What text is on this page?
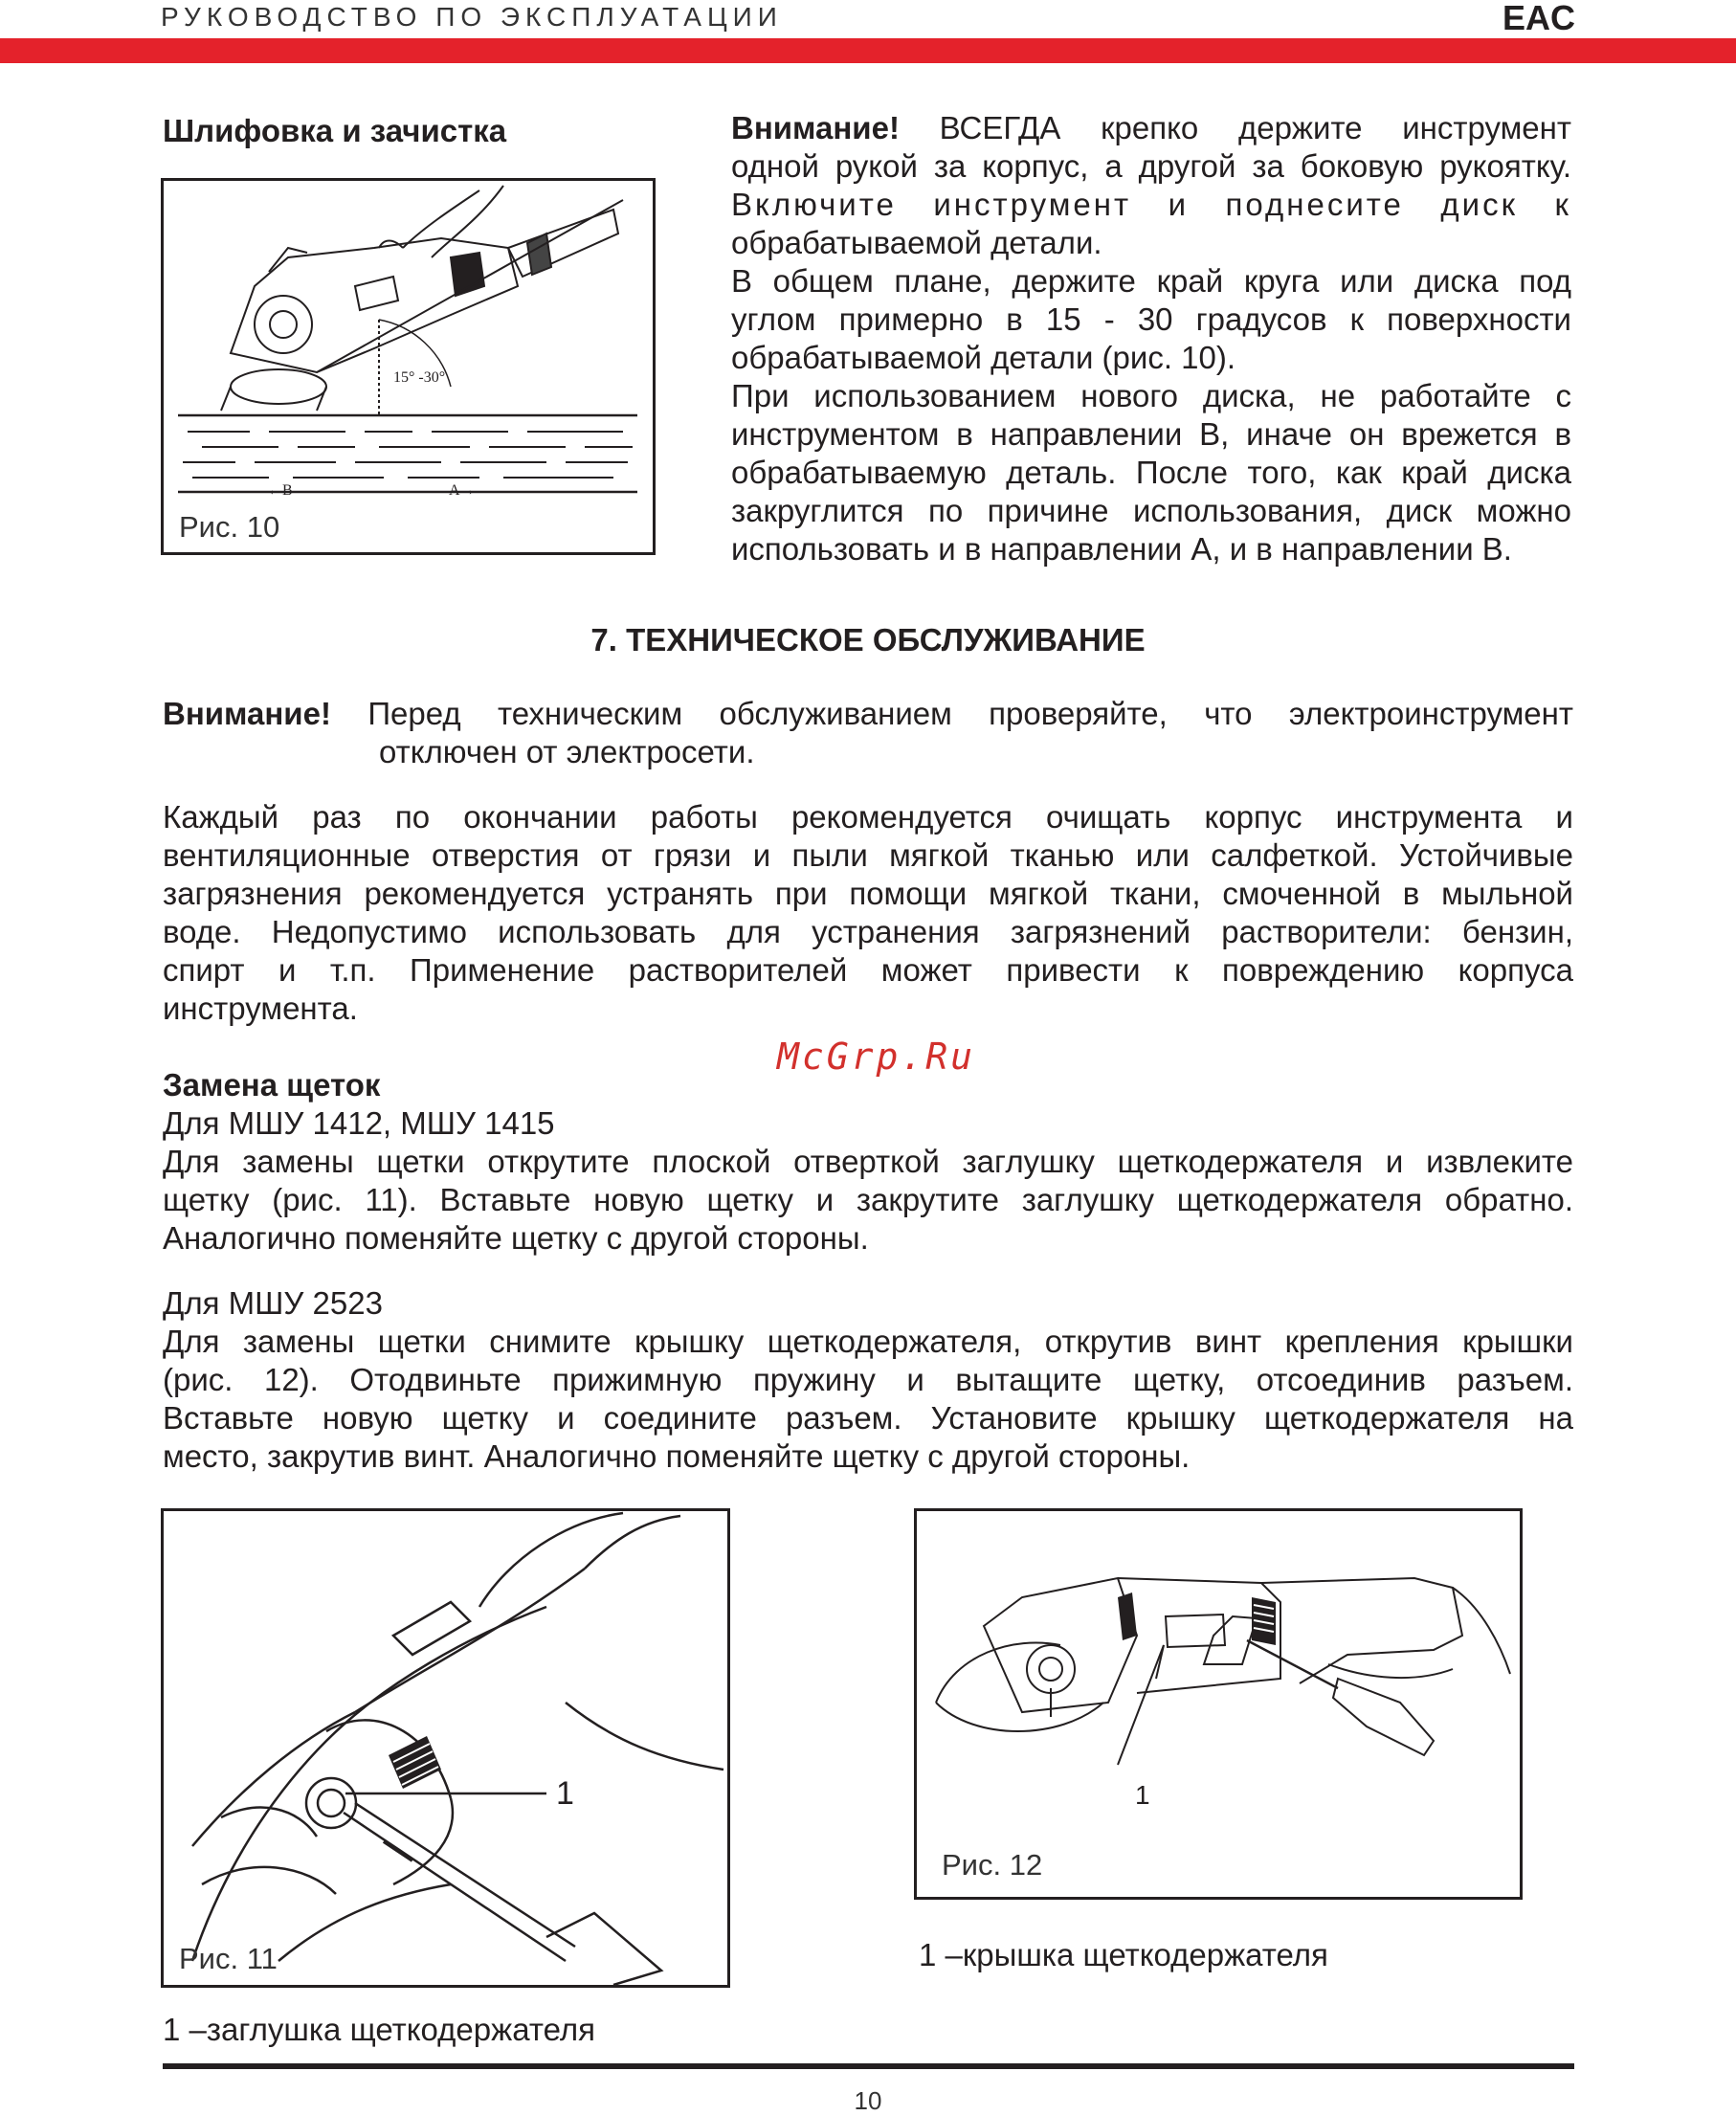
РУКОВОДСТВО ПО ЭКСПЛУАТАЦИИ	EAC
Шлифовка и зачистка
15° -30°
←B	A→
Рис. 10
Внимание! ВСЕГДА крепко держите инструмент
одной рукой за корпус, а другой за боковую рукоятку.
Включите инструмент и поднесите диск к
обрабатываемой детали.
В общем плане, держите край круга или диска под
углом примерно в 15 - 30 градусов к поверхности
обрабатываемой детали (рис. 10).
При использованием нового диска, не работайте с
инструментом в направлении В, иначе он врежется в
обрабатываемую деталь. После того, как край диска
закруглится по причине использования, диск можно
использовать и в направлении А, и в направлении В.
7. ТЕХНИЧЕСКОЕ ОБСЛУЖИВАНИЕ
Внимание! Перед техническим обслуживанием проверяйте, что электроинструмент
отключен от электросети.
Каждый раз по окончании работы рекомендуется очищать корпус инструмента и
вентиляционные отверстия от грязи и пыли мягкой тканью или салфеткой. Устойчивые
загрязнения рекомендуется устранять при помощи мягкой ткани, смоченной в мыльной
воде. Недопустимо использовать для устранения загрязнений растворители: бензин,
спирт и т.п. Применение растворителей может привести к повреждению корпуса
инструмента.
McGrp.Ru
Замена щеток
Для МШУ 1412, МШУ 1415
Для замены щетки открутите плоской отверткой заглушку щеткодержателя и извлеките
щетку (рис. 11). Вставьте новую щетку и закрутите заглушку щеткодержателя обратно.
Аналогично поменяйте щетку с другой стороны.
Для МШУ 2523
Для замены щетки снимите крышку щеткодержателя, открутив винт крепления крышки
(рис. 12). Отодвиньте прижимную пружину и вытащите щетку, отсоединив разъем.
Вставьте новую щетку и соедините разъем. Установите крышку щеткодержателя на
место, закрутив винт. Аналогично поменяйте щетку с другой стороны.
1
Рис. 11
1 –заглушка щеткодержателя
1
Рис. 12
1 –крышка щеткодержателя
10
